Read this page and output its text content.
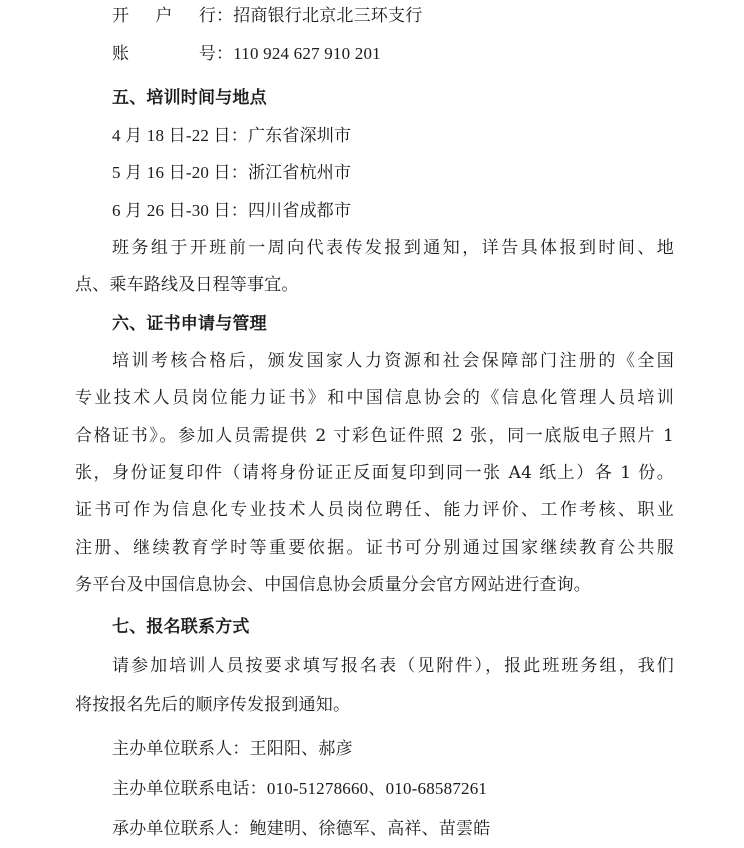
开 户 行：招商银行北京北三环支行
账 号：110 924 627 910 201
五、培训时间与地点
4 月 18 日-22 日：广东省深圳市
5 月 16 日-20 日：浙江省杭州市
6 月 26 日-30 日：四川省成都市
班务组于开班前一周向代表传发报到通知，详告具体报到时间、地
点、乘车路线及日程等事宜。
六、证书申请与管理
培训考核合格后，颁发国家人力资源和社会保障部门注册的《全国
专业技术人员岗位能力证书》和中国信息协会的《信息化管理人员培训
合格证书》。参加人员需提供 2 寸彩色证件照 2 张，同一底版电子照片 1
张，身份证复印件（请将身份证正反面复印到同一张 A4 纸上）各 1 份。
证书可作为信息化专业技术人员岗位聘任、能力评价、工作考核、职业
注册、继续教育学时等重要依据。证书可分别通过国家继续教育公共服
务平台及中国信息协会、中国信息协会质量分会官方网站进行查询。
七、报名联系方式
请参加培训人员按要求填写报名表（见附件），报此班班务组，我们
将按报名先后的顺序传发报到通知。
主办单位联系人：王阳阳、郝彦
主办单位联系电话：010-51278660、010-68587261
承办单位联系人：鲍建明、徐德军、高祥、苗雲皓
